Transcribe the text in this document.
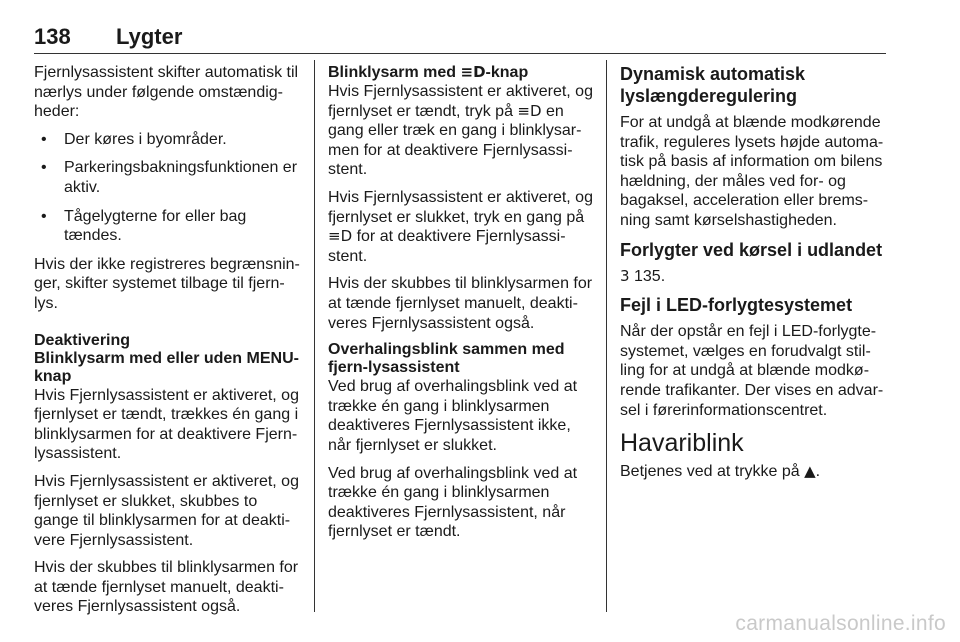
138 Lygter

Fjernlysassistent skifter automatisk til nærlys under følgende omstændig-heder:

• Der køres i byområder.
• Parkeringsbakningsfunktionen er aktiv.
• Tågelygterne for eller bag tændes.

Hvis der ikke registreres begrænsnin-ger, skifter systemet tilbage til fjern-lys.

Deaktivering
Blinklysarm med eller uden MENU-knap

Hvis Fjernlysassistent er aktiveret, og fjernlyset er tændt, trækkes én gang i blinklysarmen for at deaktivere Fjern-lysassistent.

Hvis Fjernlysassistent er aktiveret, og fjernlyset er slukket, skubbes to gange til blinklysarmen for at deakti-vere Fjernlysassistent.

Hvis der skubbes til blinklysarmen for at tænde fjernlyset manuelt, deakti-veres Fjernlysassistent også.

Blinklysarm med ≡D-knap

Hvis Fjernlysassistent er aktiveret, og fjernlyset er tændt, tryk på ≡D en gang eller træk en gang i blinklysar-men for at deaktivere Fjernlysassi-stent.

Hvis Fjernlysassistent er aktiveret, og fjernlyset er slukket, tryk en gang på ≡D for at deaktivere Fjernlysassi-stent.

Hvis der skubbes til blinklysarmen for at tænde fjernlyset manuelt, deakti-veres Fjernlysassistent også.

Overhalingsblink sammen med fjern-lysassistent

Ved brug af overhalingsblink ved at trække én gang i blinklysarmen deaktiveres Fjernlysassistent ikke, når fjernlyset er slukket.

Ved brug af overhalingsblink ved at trække én gang i blinklysarmen deaktiveres Fjernlysassistent, når fjernlyset er tændt.

Dynamisk automatisk lyslængderegulering

For at undgå at blænde modkørende trafik, reguleres lysets højde automa-tisk på basis af information om bilens hældning, der måles ved for- og bagaksel, acceleration eller brems-ning samt kørselshastigheden.

Forlygter ved kørsel i udlandet

3 135.

Fejl i LED-forlygtesystemet

Når der opstår en fejl i LED-forlygte-systemet, vælges en forudvalgt stil-ling for at undgå at blænde modkø-rende trafikanter. Der vises en advar-sel i førerinformationscentret.

Havariblink

Betjenes ved at trykke på ▲.

carmanualsonline.info
